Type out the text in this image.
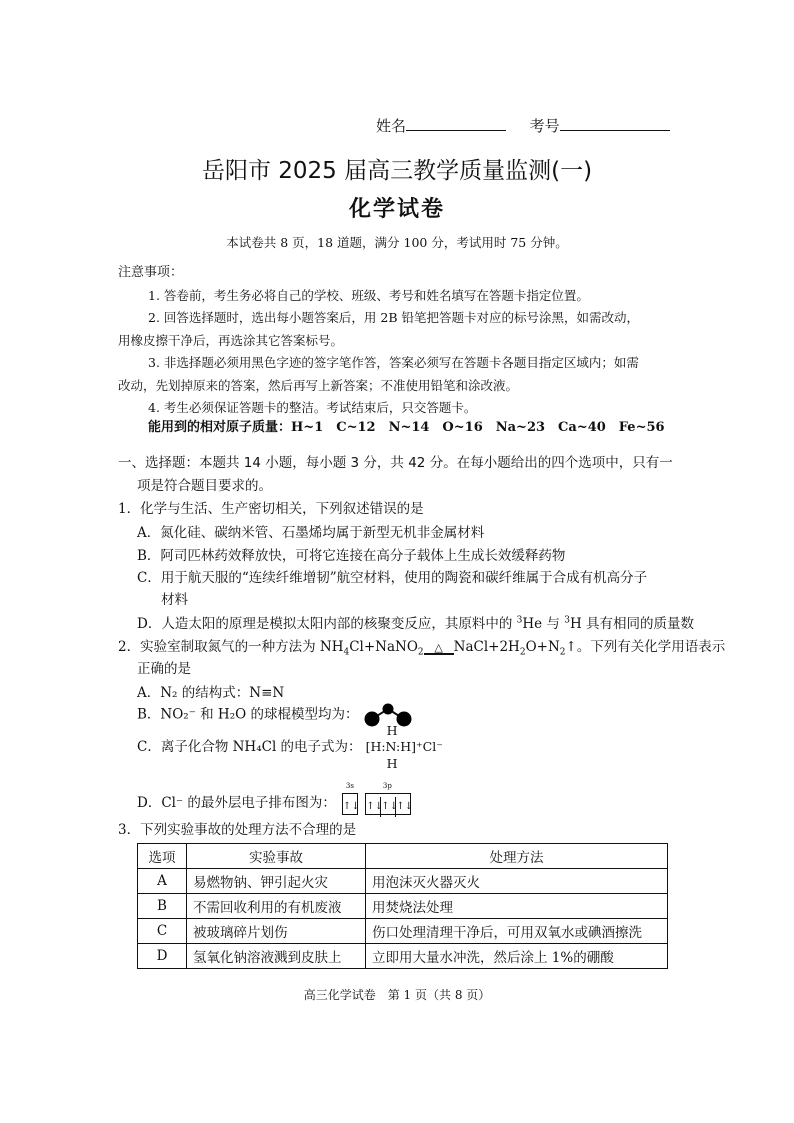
姓名	考号
岳阳市 2025 届高三教学质量监测(一)
化学试卷
本试卷共 8 页，18 道题，满分 100 分，考试用时 75 分钟。
注意事项：
1. 答卷前，考生务必将自己的学校、班级、考号和姓名填写在答题卡指定位置。
2. 回答选择题时，选出每小题答案后，用 2B 铅笔把答题卡对应的标号涂黑，如需改动，
用橡皮擦干净后，再选涂其它答案标号。
3. 非选择题必须用黑色字迹的签字笔作答，答案必须写在答题卡各题目指定区域内；如需
改动，先划掉原来的答案，然后再写上新答案；不准使用铅笔和涂改液。
4. 考生必须保证答题卡的整洁。考试结束后，只交答题卡。
能用到的相对原子质量：H~1　C~12　N~14　O~16　Na~23　Ca~40　Fe~56
一、选择题：本题共 14 小题，每小题 3 分，共 42 分。在每小题给出的四个选项中，只有一
项是符合题目要求的。
1．化学与生活、生产密切相关，下列叙述错误的是
A．氮化硅、碳纳米管、石墨烯均属于新型无机非金属材料
B．阿司匹林药效释放快，可将它连接在高分子载体上生成长效缓释药物
C．用于航天服的“连续纤维增韧”航空材料，使用的陶瓷和碳纤维属于合成有机高分子
材料
D．人造太阳的原理是模拟太阳内部的核聚变反应，其原料中的 $^3$He 与 $^3$H 具有相同的质量数
2．实验室制取氮气的一种方法为 $NH_4Cl+NaNO_2$ △ $NaCl+2H_2O+N_2↑$。下列有关化学用语表示
正确的是
A．N₂ 的结构式：N≡N
B．NO₂⁻ 和 H₂O 的球棍模型均为：
C．离子化合物 NH₄Cl 的电子式为：
H
[H:N:H]⁺Cl⁻
H
D．Cl⁻ 的最外层电子排布图为：
3s	3p
↑↓ ↑↓↑↓↑↓
3．下列实验事故的处理方法不合理的是
选项	实验事故	处理方法
A	易燃物钠、钾引起火灾	用泡沫灭火器灭火
B	不需回收利用的有机废液	用焚烧法处理
C	被玻璃碎片划伤	伤口处理清理干净后，可用双氧水或碘酒擦洗
D	氢氧化钠溶液溅到皮肤上	立即用大量水冲洗，然后涂上 1%的硼酸
高三化学试卷　第 1 页（共 8 页）
